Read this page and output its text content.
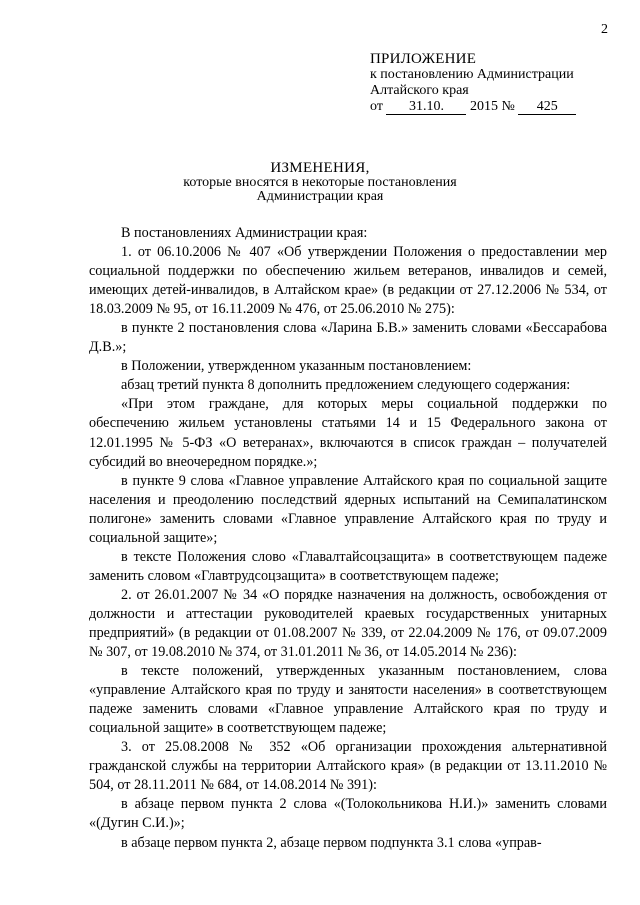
2
ПРИЛОЖЕНИЕ
к постановлению Администрации
Алтайского края
от 31.10. 2015 № 425
ИЗМЕНЕНИЯ,
которые вносятся в некоторые постановления
Администрации края

В постановлениях Администрации края:

1. от 06.10.2006 № 407 «Об утверждении Положения о предоставлении мер социальной поддержки по обеспечению жильем ветеранов, инвалидов и семей, имеющих детей-инвалидов, в Алтайском крае» (в редакции от 27.12.2006 № 534, от 18.03.2009 № 95, от 16.11.2009 № 476, от 25.06.2010 № 275):

в пункте 2 постановления слова «Ларина Б.В.» заменить словами «Бессарабова Д.В.»;

в Положении, утвержденном указанным постановлением:

абзац третий пункта 8 дополнить предложением следующего содержания:

«При этом граждане, для которых меры социальной поддержки по обеспечению жильем установлены статьями 14 и 15 Федерального закона от 12.01.1995 № 5-ФЗ «О ветеранах», включаются в список граждан – получателей субсидий во внеочередном порядке.»;

в пункте 9 слова «Главное управление Алтайского края по социальной защите населения и преодолению последствий ядерных испытаний на Семипалатинском полигоне» заменить словами «Главное управление Алтайского края по труду и социальной защите»;

в тексте Положения слово «Главалтайсоцзащита» в соответствующем падеже заменить словом «Главтрудсоцзащита» в соответствующем падеже;

2. от 26.01.2007 № 34 «О порядке назначения на должность, освобождения от должности и аттестации руководителей краевых государственных унитарных предприятий» (в редакции от 01.08.2007 № 339, от 22.04.2009 № 176, от 09.07.2009 № 307, от 19.08.2010 № 374, от 31.01.2011 № 36, от 14.05.2014 № 236):

в тексте положений, утвержденных указанным постановлением, слова «управление Алтайского края по труду и занятости населения» в соответствующем падеже заменить словами «Главное управление Алтайского края по труду и социальной защите» в соответствующем падеже;

3. от 25.08.2008 № 352 «Об организации прохождения альтернативной гражданской службы на территории Алтайского края» (в редакции от 13.11.2010 № 504, от 28.11.2011 № 684, от 14.08.2014 № 391):

в абзаце первом пункта 2 слова «(Толокольникова Н.И.)» заменить словами «(Дугин С.И.)»;

в абзаце первом пункта 2, абзаце первом подпункта 3.1 слова «управ-
